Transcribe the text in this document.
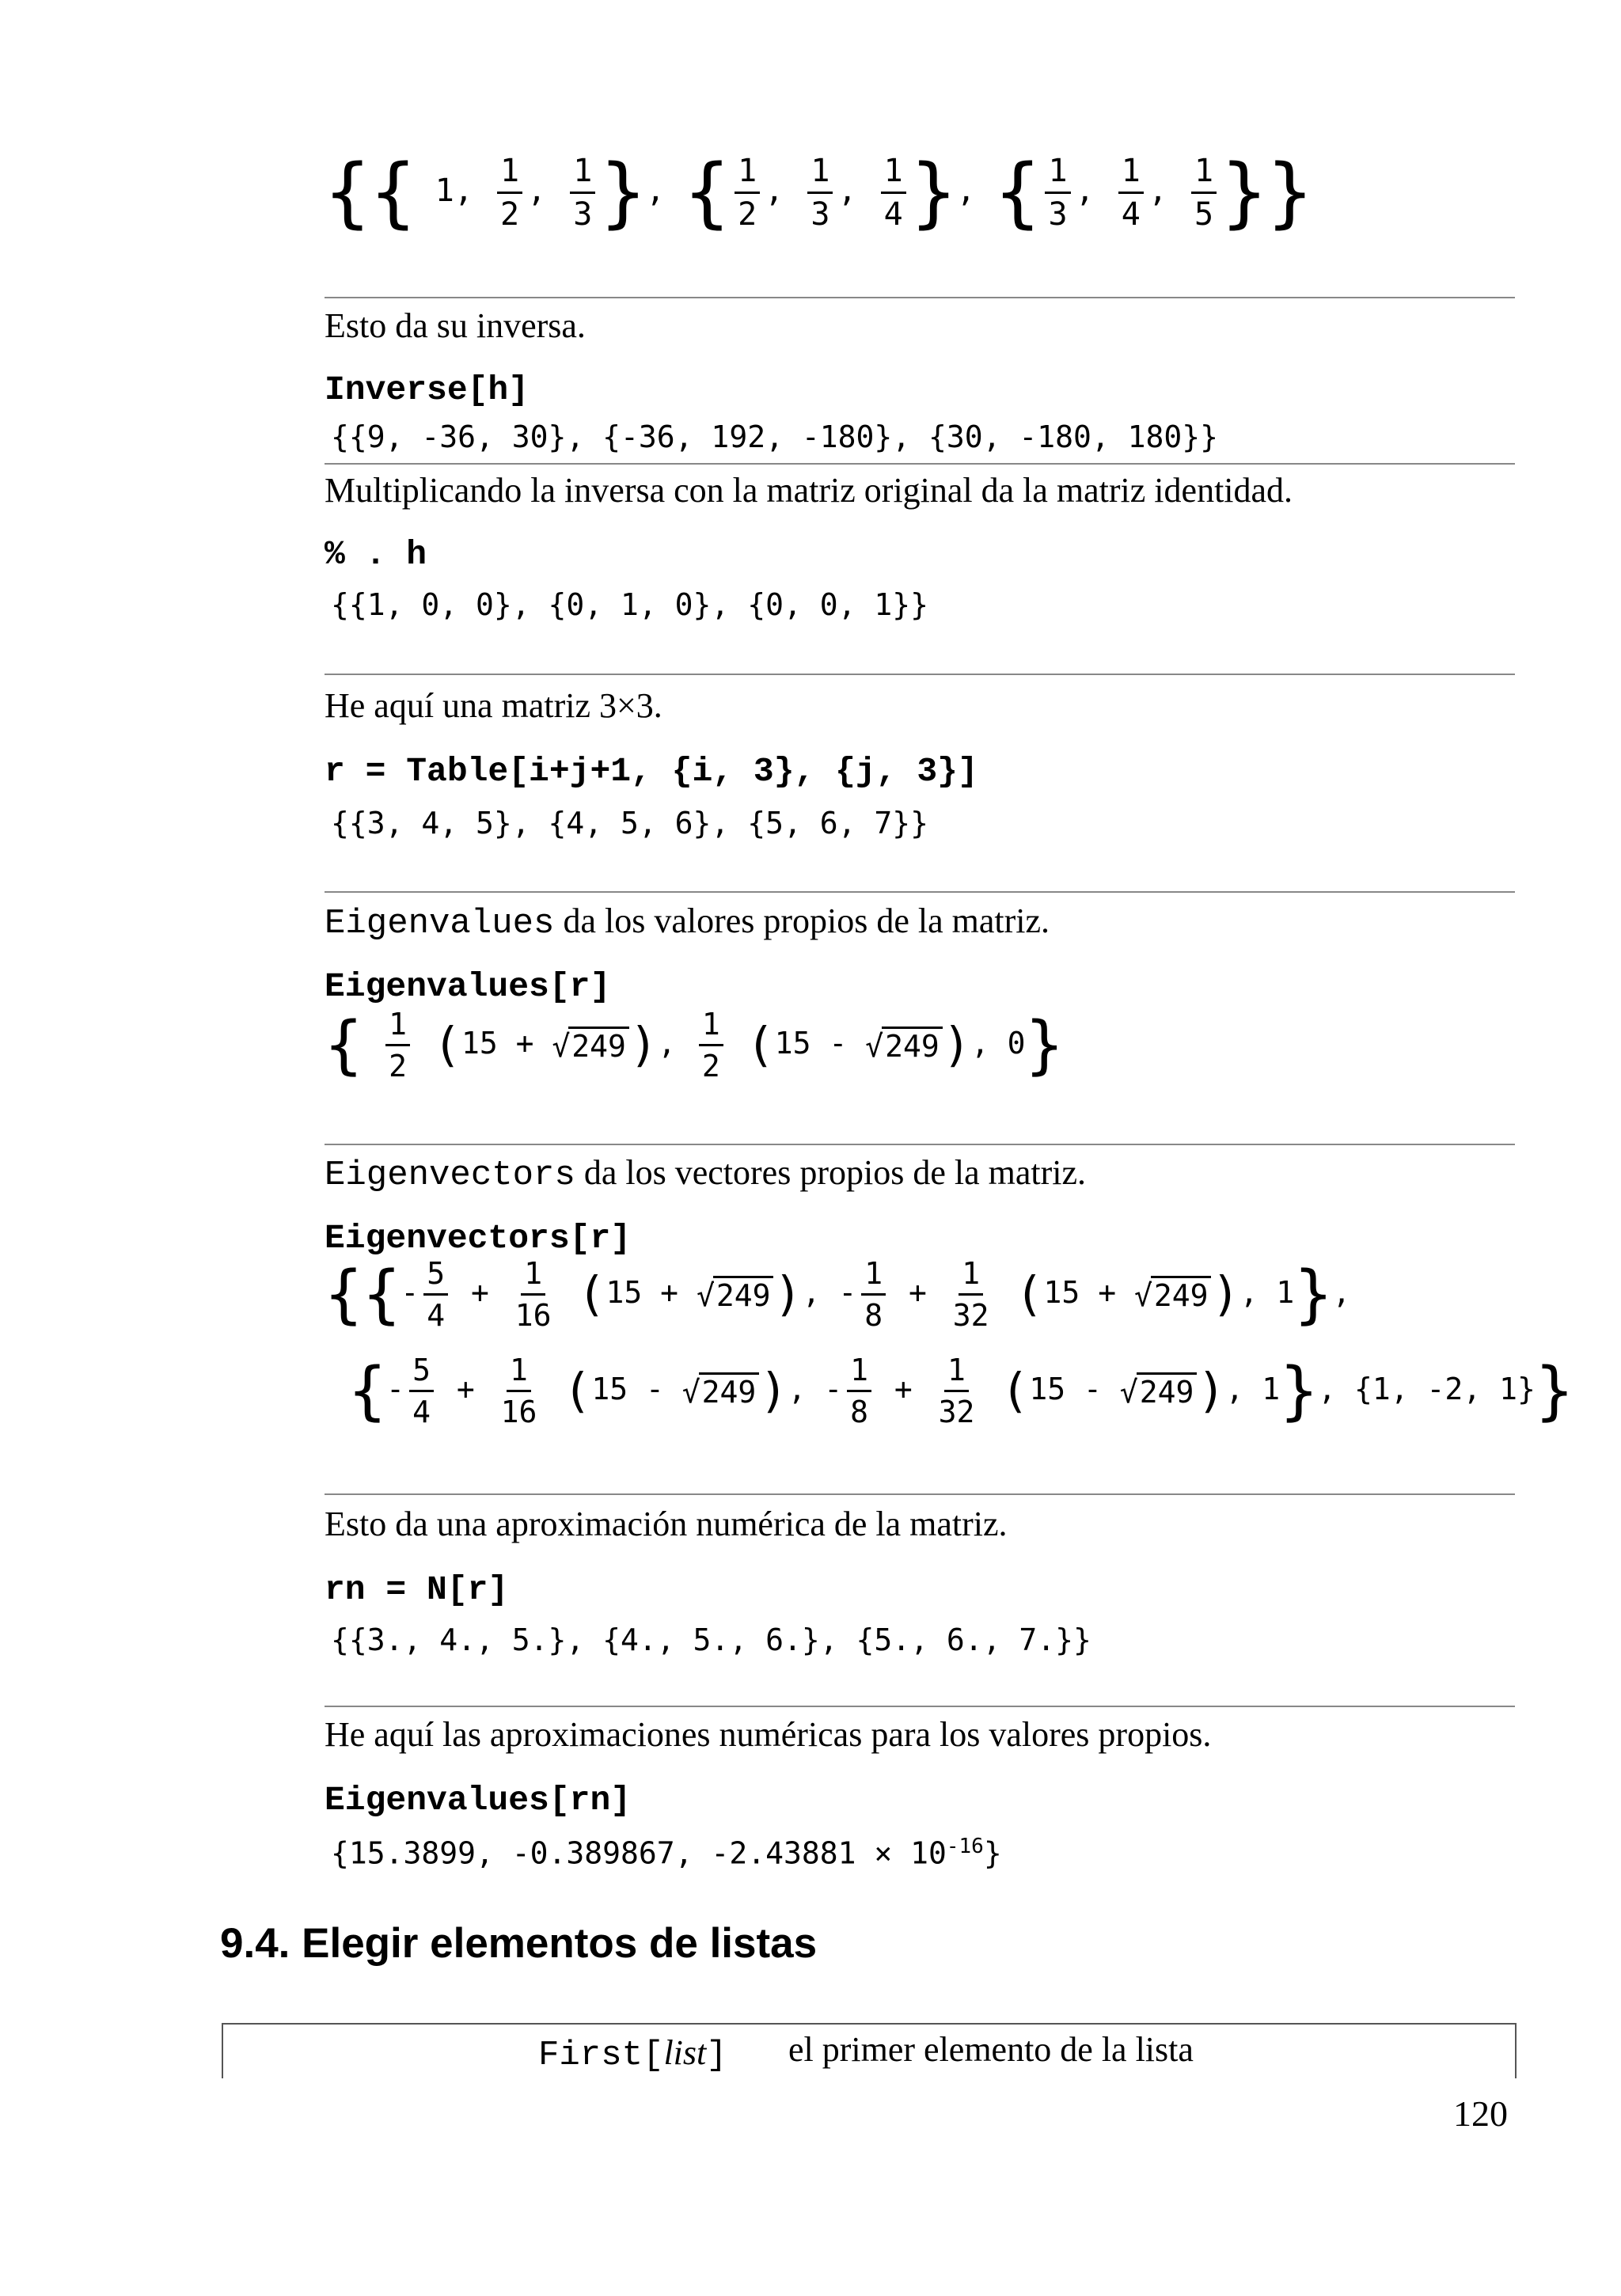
{{ 1, $\frac{1}{2}$ , $\frac{1}{3}$ }, { $\frac{1}{2}$ , $\frac{1}{3}$ , $\frac{1}{4}$ }, { $\frac{1}{3}$ , $\frac{1}{4}$ , $\frac{1}{5}$ }}
Esto da su inversa.
Inverse[h]
{{9, -36, 30}, {-36, 192, -180}, {30, -180, 180}}
Multiplicando la inversa con la matriz original da la matriz identidad.
% . h
{{1, 0, 0}, {0, 1, 0}, {0, 0, 1}}
He aquí una matriz 3×3.
r = Table[i+j+1, {i, 3}, {j, 3}]
{{3, 4, 5}, {4, 5, 6}, {5, 6, 7}}
Eigenvalues da los valores propios de la matriz.
Eigenvalues[r]
{ $\frac{1}{2} (15 + √249)$, $\frac{1}{2} (15 - √249)$, 0}
Eigenvectors da los vectores propios de la matriz.
Eigenvectors[r]
{{- $\frac{5}{4} + \frac{1}{16} (15 + √249)$, - $\frac{1}{8} + \frac{1}{32} (15 + √249)$, 1},
{- $\frac{5}{4} + \frac{1}{16} (15 - √249)$, - $\frac{1}{8} + \frac{1}{32} (15 - √249)$, 1}, {1, -2, 1}}
Esto da una aproximación numérica de la matriz.
rn = N[r]
{{3., 4., 5.}, {4., 5., 6.}, {5., 6., 7.}}
He aquí las aproximaciones numéricas para los valores propios.
Eigenvalues[rn]
{15.3899, -0.389867, $-2.43881 \times 10^{-16}$}
9.4. Elegir elementos de listas
First[list] el primer elemento de la lista
120
